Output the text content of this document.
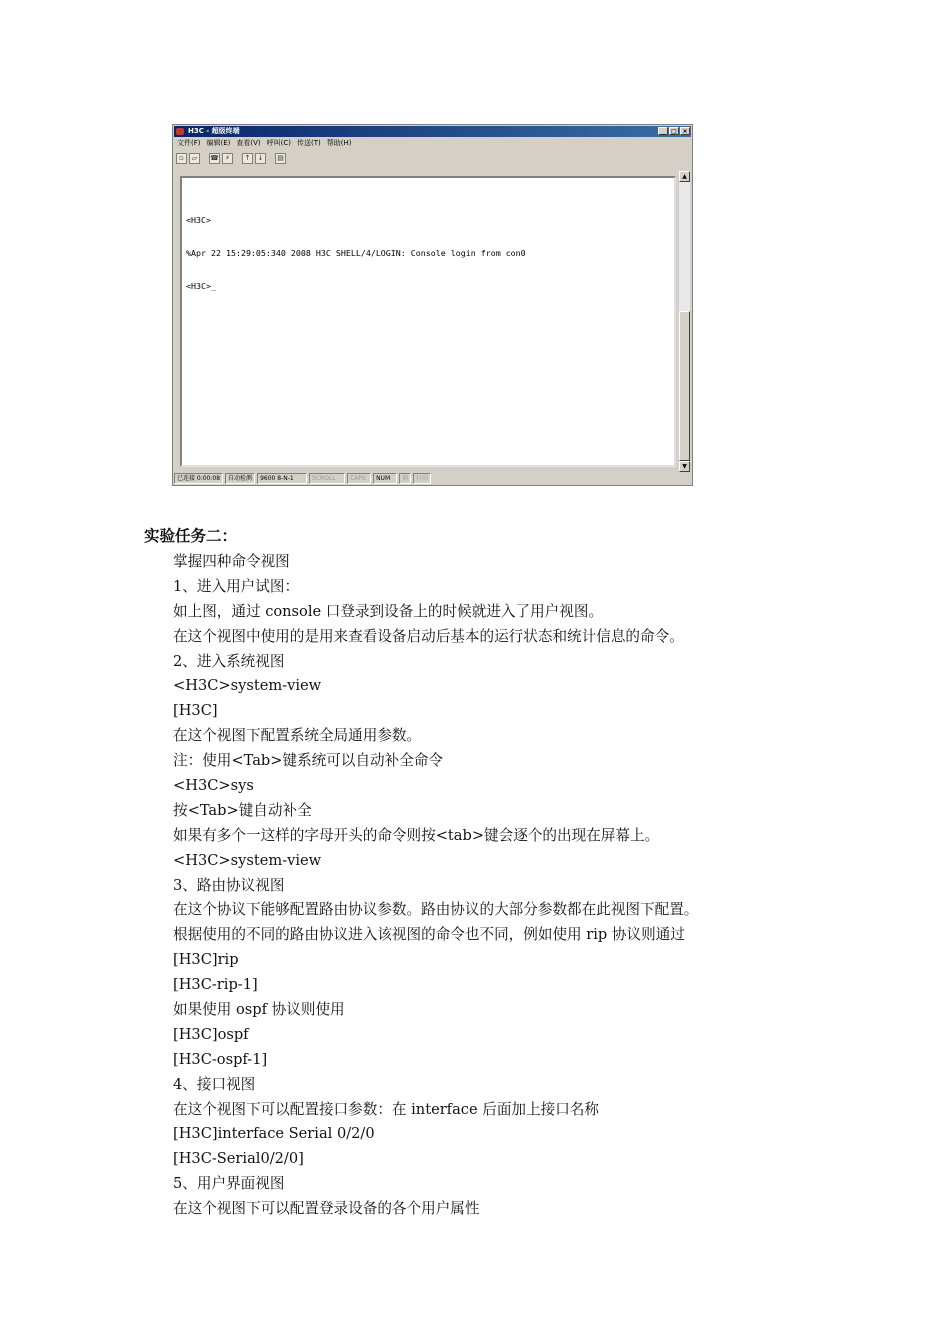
H3C - 超级终端	_	□ ×
文件(F) 编辑(E) 查看(V) 呼叫(C) 传送(T) 帮助(H)
▫	▱	☎ ⚡	↑	↓	▤

<H3C>

%Apr 22 15:29:05:340 2008 H3C SHELL/4/LOGIN: Console login from con0

<H3C>_

▲
▼
已连接 0:00:08	自动检测	9600 8-N-1	SCROLL	CAPS	NUM	捕	打印
实验任务二：
掌握四种命令视图
1、进入用户试图：
如上图，通过 console 口登录到设备上的时候就进入了用户视图。
在这个视图中使用的是用来查看设备启动后基本的运行状态和统计信息的命令。
2、进入系统视图
<H3C>system-view
[H3C]
在这个视图下配置系统全局通用参数。
注：使用<Tab>键系统可以自动补全命令
<H3C>sys
按<Tab>键自动补全
如果有多个一这样的字母开头的命令则按<tab>键会逐个的出现在屏幕上。
<H3C>system-view
3、路由协议视图
在这个协议下能够配置路由协议参数。路由协议的大部分参数都在此视图下配置。
根据使用的不同的路由协议进入该视图的命令也不同，例如使用 rip 协议则通过
[H3C]rip
[H3C-rip-1]
如果使用 ospf 协议则使用
[H3C]ospf
[H3C-ospf-1]
4、接口视图
在这个视图下可以配置接口参数：在 interface 后面加上接口名称
[H3C]interface Serial 0/2/0
[H3C-Serial0/2/0]
5、用户界面视图
在这个视图下可以配置登录设备的各个用户属性
